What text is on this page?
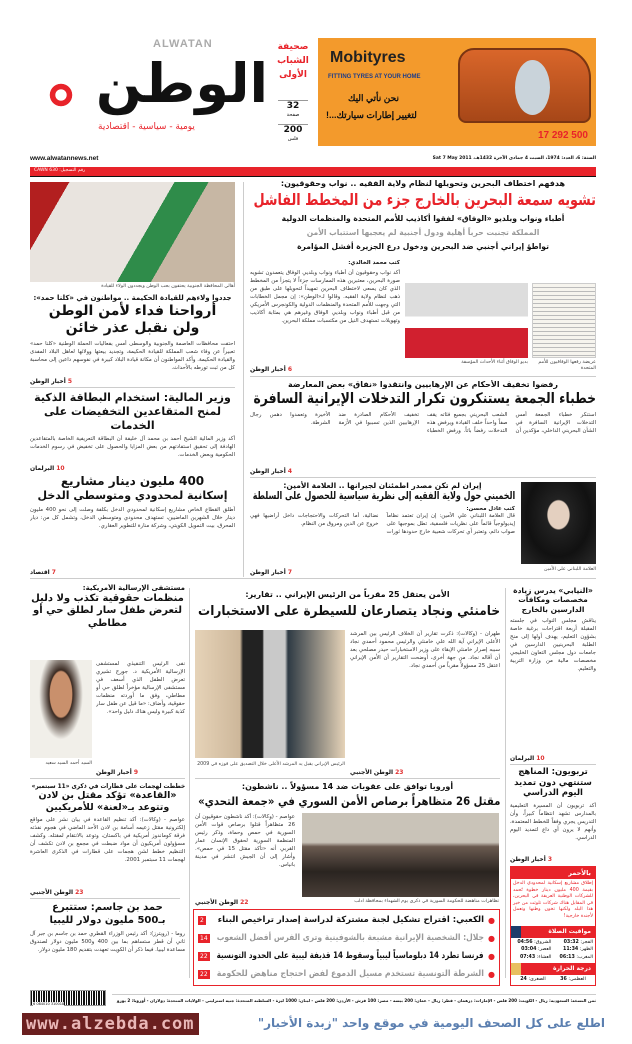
ALWATAN
الوطن
يومية - سياسية - اقتصادية
صحيفة الشباب الأولى
32
صفحة
200
فلس
Mobityres
FITTING TYRES AT YOUR HOME
نحن نأتي اليك
لتغيير إطارات سيارتك...!
17 292 500
www.alwatannews.net	السنة: 6، العدد: 1974، السبت 4 جمادى الآخرة 1432هـ، Sat 7 May 2011
رقم التسجيل: CAWN 630
أهالي المحافظة الجنوبية يحتفون بحب الوطن ويجددون الولاء للقيادة
جددوا ولاءهم للقيادة الحكيمة .. مواطنون في «كلنا حمد»:
أرواحنا فداء لأمن الوطن
ولن نقبل عذر خائن
احتفت محافظات العاصمة والجنوبية والوسطى أمس بفعاليات الحملة الوطنية «كلنا حمد» تعبيراً عن وفاء شعب المملكة للقيادة الحكيمة، وتجديد بيعتها وولائها لعاهل البلاد المفدى والقيادة الحكيمة. وأكد المواطنون أن مكانة قيادة البلاد كبيرة في نفوسهم داعين إلى محاسبة كل من ثبت تورطه بالأحداث.
5 أخبار الوطن
وزير المالية: استخدام البطاقة الذكية لمنح المتقاعدين التخفيضات على الخدمات
أكد وزير المالية الشيخ أحمد بن محمد آل خليفة أن البطاقة التعريفية الخاصة بالمتقاعدين الهادفة إلى تحقيق استفادتهم من بعض المزايا والحصول على تخفيض في رسوم الخدمات الحكومية وبعض الخدمات.
10 البرلمان
400 مليون دينار مشاريع
إسكانية لمحدودي ومتوسطي الدخل
أطلق القطاع الخاص مشاريع إسكانية لمحدودي الدخل بكلفة وصلت إلى نحو 400 مليون دينار خلال الشهرين الماضيين، تستهدف محدودي ومتوسطي الدخل، وتشمل كل من: ديار المحرق، بيت التمويل الكويتي، وشركة منارة للتطوير العقاري.
7 اقتصاد
هدفهم اختطاف البحرين وتحويلها لنظام ولاية الفقيه .. نواب وحقوقيون:
تشويه سمعة البحرين بالخارج جزء من المخطط الفاشل
أطباء ونواب وبلديو «الوفاق» لفقوا أكاذيب للأمم المتحدة والمنظمات الدولية
المملكة تجنبت حرباً أهلية ودول أجنبية لم يعجبها استتباب الأمن
تواطؤ إيراني أجنبي ضد البحرين ودخول درع الجزيرة أفشل المؤامرة
كتب محمد الخالدي:
أكد نواب وحقوقيون أن أطباء ونواب وبلديي الوفاق يتعمدون تشويه صورة البحرين، معتبرين هذه الممارسات جزءاً لا يتجزأ من المخطط الذي كان يسعى لاختطاف البحرين تمهيداً لتحويلها على طبق من ذهب لنظام ولاية الفقيه. وقالوا لـ«الوطن»: إن مجمل الخطابات التي وجهت للأمم المتحدة والمنظمات الدولية والكونجرس الأمريكي من قبل أطباء ونواب وبلديي الوفاق وغيرهم هي بمثابة أكاذيب وتهويلات تستهدف النيل من مكتسبات مملكة البحرين.
6 أخبار الوطن
بديو الوفاق أثناء الأحداث المؤسفة	عريضة رفعها الوفاقيون للأمم المتحدة
رفضوا تخفيف الأحكام عن الإرهابيين وانتقدوا «نفاق» بعض المعارضة
خطباء الجمعة يستنكرون تكرار التدخلات الإيرانية السافرة
استنكر خطباء الجمعة أمس التدخلات الإيرانية السافرة في الشأن البحريني الداخلي، مؤكدين أن الشعب البحريني بجميع فئاته يقف صفاً واحداً خلف القيادة ويرفض هذه التدخلات رفضاً باتاً. ورفض الخطباء تخفيف الأحكام الصادرة ضد الإرهابيين الذين تسببوا في الأزمة الأخيرة وتعمدوا دهس رجال الشرطة.
4 أخبار الوطن
إيران لم تكن مصدر اطمئنان لجيرانها .. العلامة الأمين:
الخميني حول ولاية الفقيه إلى نظرية سياسية للحصول على السلطة
كتب عادل محسن:
قال العلامة اللبناني علي الأمين: إن إيران تعتمد نظاماً إيديولوجياً قائماً على نظريات فلسفية، تطل بموجبها على صواب دائم، وتعتبر أي تحركات شعبية خارج حدودها ثورات نضالية، أما التحركات والاحتجاجات داخل أراضيها فهي خروج عن الدين ومروق من النظام.
7 أخبار الوطن	العلامة اللبناني علي الأمين
مستشفى الإرسالية الأمريكية:
منظمات حقوقية تكذب ولا دليل لتعرض طفل سار لطلق حي أو مطاطي
السيد أحمد السيد سعيد
نفى الرئيس التنفيذي لمستشفى الإرسالية الأمريكية د. جورج تشيري تعرض الطفل الذي أسعف في مستشفى الإرسالية مؤخراً لطلق حي أو مطاطي، وفق ما أوردته منظمات حقوقية، وأضاف: «ما قيل عن طفل سار كذبة كبيرة وليس هناك دليل واحد».
9 أخبار الوطن
الأمن يعتقل 25 مقرباً من الرئيس الإيراني .. تقارير:
خامنئي ونجاد يتصارعان للسيطرة على الاستخبارات
الرئيس الإيراني يقبل يد المرشد الأعلى خلال التصديق على فوزه في 2009
طهران - (وكالات): ذكرت تقارير أن الخلاف الرئيس بين المرشد الأعلى الإيراني آية الله علي خامنئي والرئيس محمود أحمدي نجاد سببه إصرار خامنئي الإبقاء على وزير الاستخبارات حيدر مصلحي بعد أن أقاله نجاد. من جهة أخرى، أوضحت التقارير أن الأمن الإيراني اعتقل 25 مسؤولاً مقرباً من أحمدي نجاد.
23 الوطن الأجنبي
«النيابي» يدرس زيادة مخصصات ومكافآت الدارسين بالخارج
يناقش مجلس النواب في جلسته المقبلة أربعة اقتراحات برغبة خاصة بشؤون التعليم، يهدف أولها إلى منح الطلبة البحرينيين الدارسين في جامعات دول مجلس التعاون الخليجي مخصصات مالية من وزارة التربية والتعليم.
10 البرلمان
تربويون: المناهج ستنتهي دون تمديد اليوم الدراسي
أكد تربويون أن المسيرة التعليمية بالمدارس تشهد انتظاماً كبيراً، وأن التدريس يجري وفقاً للخطط المعتمدة، وأنهم لا يرون أي داع لتمديد اليوم الدراسي.
3 أخبار الوطن
خططت لهجمات على قطارات في ذكرى «11 سبتمبر»
«القاعدة» تؤكد مقتل بن لادن وتتوعد بـ«لعنة» للأمريكيين
عواصم - (وكالات): أكد تنظيم القاعدة في بيان نشر على مواقع إلكترونية مقتل زعيمه أسامة بن لادن الأحد الماضي في هجوم نفذته فرقة كوماندوز أمريكية في باكستان، وتوعد بالانتقام لمقتله. وكشف مسؤولون أمريكيون أن مواد ضبطت في مجمع بن لادن تكشف أن التنظيم خطط لشن هجمات على قطارات في الذكرى العاشرة لهجمات 11 سبتمبر 2001.
23 الوطن الأجنبي
حمد بن جاسم: ستتبرع
بـ500 مليون دولار لليبيا
روما - (رويترز): أكد رئيس الوزراء القطري حمد بن جاسم بن جبر آل ثاني أن قطر ستساهم بما بين 400 و500 مليون دولار لصندوق مساعدة ليبيا. فيما ذكر أن الكويت تعهدت بتقديم 180 مليون دولار.
أوروبا توافق على عقوبات ضد 14 مسؤولاً .. ناشطون:
مقتل 26 متظاهراً برصاص الأمن السوري في «جمعة التحدي»
عواصم - (وكالات): أكد ناشطون حقوقيون أن 26 متظاهراً قتلوا برصاص قوات الأمن السورية في حمص وحماة، وذكر رئيس المنظمة السورية لحقوق الإنسان عمار القربي أنه «تأكد مقتل 15 في حمص». وأشار إلى أن الجيش انتشر في مدينة بانياس.
22 الوطن الأجنبي	تظاهرات مناهضة للحكومة السورية في ذكرى يوم الشهداء بمحافظة ادلب
●
الكعبي: اقتراح تشكيل لجنة مشتركة لدراسة إصدار تراخيص البناء
2
●
جلال: الشخصية الإيرانية مشبعة بالشوفينية وترى الفرس أفضل الشعوب
14
●
فرنسا تطرد 14 دبلوماسياً ليبياً وسقوط 14 قذيفة ليبية على الحدود التونسية
22
●
الشرطة التونسية تستخدم مسيل الدموع لفض احتجاج مناهض للحكومة
22
بالأحمر
إطلاق مشاريع إسكانية لمحدودي الدخل بقيمة 400 مليون دينار خطوة تُحمد للشركات الوطنية العريقة في البحرين، في المقابل هناك شركات تلوثت من خير هذا البلد ولكنها تخون وطنها وتعمل لأجندة خارجية!
مواقيت الصلاة
الفجر: 03:32
الشروق: 04:56
الظهر: 11:34
العصر: 03:04
المغرب: 06:13
العشاء: 07:43
درجة الحرارة
العظمى: 36
الصغرى: 24
6 084010 310018
ثمن النسخة: السعودية: ريال - الكويت: 200 فلس - الإمارات: درهمان - قطر: ريال - عمان: 200 بيسة - مصر: 100 قرش - الأردن: 200 فلس - لبنان: 1000 ليرة - السلطنة المتحدة: جنيه استرليني - الولايات المتحدة: دولاران - أوروبا: 2 يورو
www.alzebda.com	اطلع على كل الصحف اليومية في موقع واحد "زبدة الأخبار"
